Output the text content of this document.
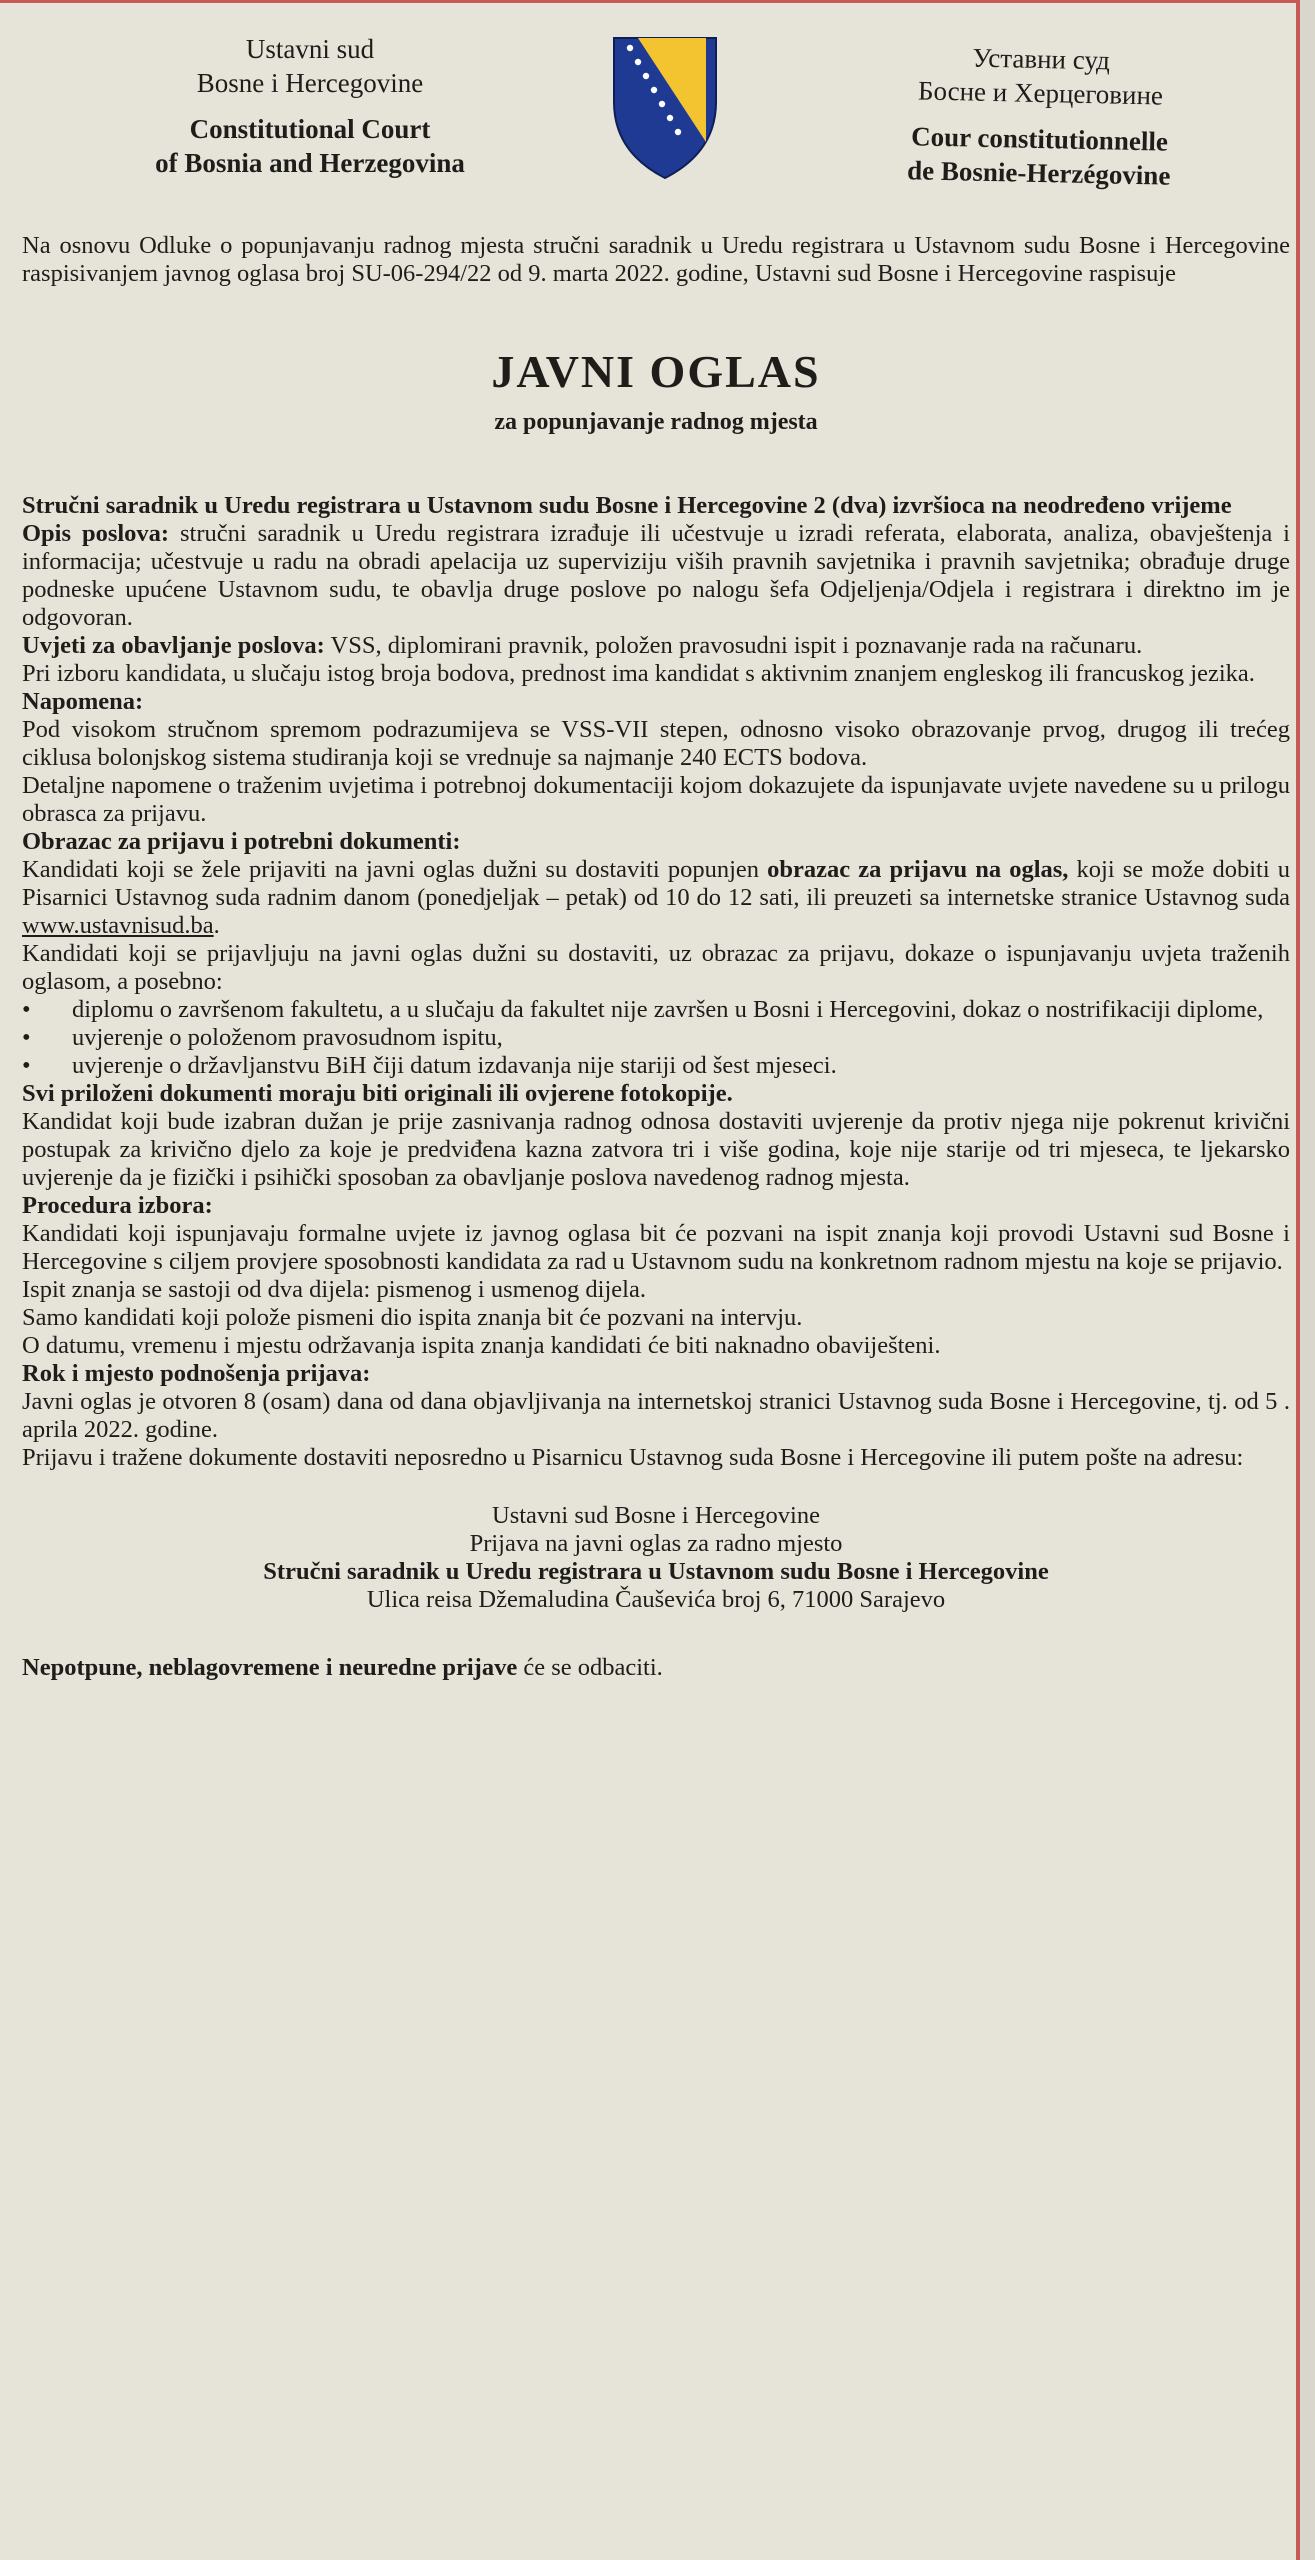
Ustavni sud
Bosne i Hercegovine
Constitutional Court
of Bosnia and Herzegovina
Уставни суд
Босне и Херцеговине
Cour constitutionnelle
de Bosnie-Herzégovine

Na osnovu Odluke o popunjavanju radnog mjesta stručni saradnik u Uredu registrara u Ustavnom sudu Bosne i Hercegovine raspisivanjem javnog oglasa broj SU-06-294/22 od 9. marta 2022. godine, Ustavni sud Bosne i Hercegovine raspisuje

JAVNI OGLAS
za popunjavanje radnog mjesta

Stručni saradnik u Uredu registrara u Ustavnom sudu Bosne i Hercegovine 2 (dva) izvršioca na neodređeno vrijeme

Opis poslova: stručni saradnik u Uredu registrara izrađuje ili učestvuje u izradi referata, elaborata, analiza, obavještenja i informacija; učestvuje u radu na obradi apelacija uz superviziju viših pravnih savjetnika i pravnih savjetnika; obrađuje druge podneske upućene Ustavnom sudu, te obavlja druge poslove po nalogu šefa Odjeljenja/Odjela i registrara i direktno im je odgovoran.

Uvjeti za obavljanje poslova: VSS, diplomirani pravnik, položen pravosudni ispit i poznavanje rada na računaru.

Pri izboru kandidata, u slučaju istog broja bodova, prednost ima kandidat s aktivnim znanjem engleskog ili francuskog jezika.

Napomena:

Pod visokom stručnom spremom podrazumijeva se VSS-VII stepen, odnosno visoko obrazovanje prvog, drugog ili trećeg ciklusa bolonjskog sistema studiranja koji se vrednuje sa najmanje 240 ECTS bodova.

Detaljne napomene o traženim uvjetima i potrebnoj dokumentaciji kojom dokazujete da ispunjavate uvjete navedene su u prilogu obrasca za prijavu.

Obrazac za prijavu i potrebni dokumenti:

Kandidati koji se žele prijaviti na javni oglas dužni su dostaviti popunjen obrazac za prijavu na oglas, koji se može dobiti u Pisarnici Ustavnog suda radnim danom (ponedjeljak – petak) od 10 do 12 sati, ili preuzeti sa internetske stranice Ustavnog suda www.ustavnisud.ba.

Kandidati koji se prijavljuju na javni oglas dužni su dostaviti, uz obrazac za prijavu, dokaze o ispunjavanju uvjeta traženih oglasom, a posebno:

• diplomu o završenom fakultetu, a u slučaju da fakultet nije završen u Bosni i Hercegovini, dokaz o nostrifikaciji diplome,
• uvjerenje o položenom pravosudnom ispitu,
• uvjerenje o državljanstvu BiH čiji datum izdavanja nije stariji od šest mjeseci.

Svi priloženi dokumenti moraju biti originali ili ovjerene fotokopije.

Kandidat koji bude izabran dužan je prije zasnivanja radnog odnosa dostaviti uvjerenje da protiv njega nije pokrenut krivični postupak za krivično djelo za koje je predviđena kazna zatvora tri i više godina, koje nije starije od tri mjeseca, te ljekarsko uvjerenje da je fizički i psihički sposoban za obavljanje poslova navedenog radnog mjesta.

Procedura izbora:

Kandidati koji ispunjavaju formalne uvjete iz javnog oglasa bit će pozvani na ispit znanja koji provodi Ustavni sud Bosne i Hercegovine s ciljem provjere sposobnosti kandidata za rad u Ustavnom sudu na konkretnom radnom mjestu na koje se prijavio.

Ispit znanja se sastoji od dva dijela: pismenog i usmenog dijela.

Samo kandidati koji polože pismeni dio ispita znanja bit će pozvani na intervju.

O datumu, vremenu i mjestu održavanja ispita znanja kandidati će biti naknadno obaviješteni.

Rok i mjesto podnošenja prijava:

Javni oglas je otvoren 8 (osam) dana od dana objavljivanja na internetskoj stranici Ustavnog suda Bosne i Hercegovine, tj. od 5 . aprila 2022. godine.

Prijavu i tražene dokumente dostaviti neposredno u Pisarnicu Ustavnog suda Bosne i Hercegovine ili putem pošte na adresu:

Ustavni sud Bosne i Hercegovine
Prijava na javni oglas za radno mjesto
Stručni saradnik u Uredu registrara u Ustavnom sudu Bosne i Hercegovine
Ulica reisa Džemaludina Čauševića broj 6, 71000 Sarajevo

Nepotpune, neblagovremene i neuredne prijave će se odbaciti.
